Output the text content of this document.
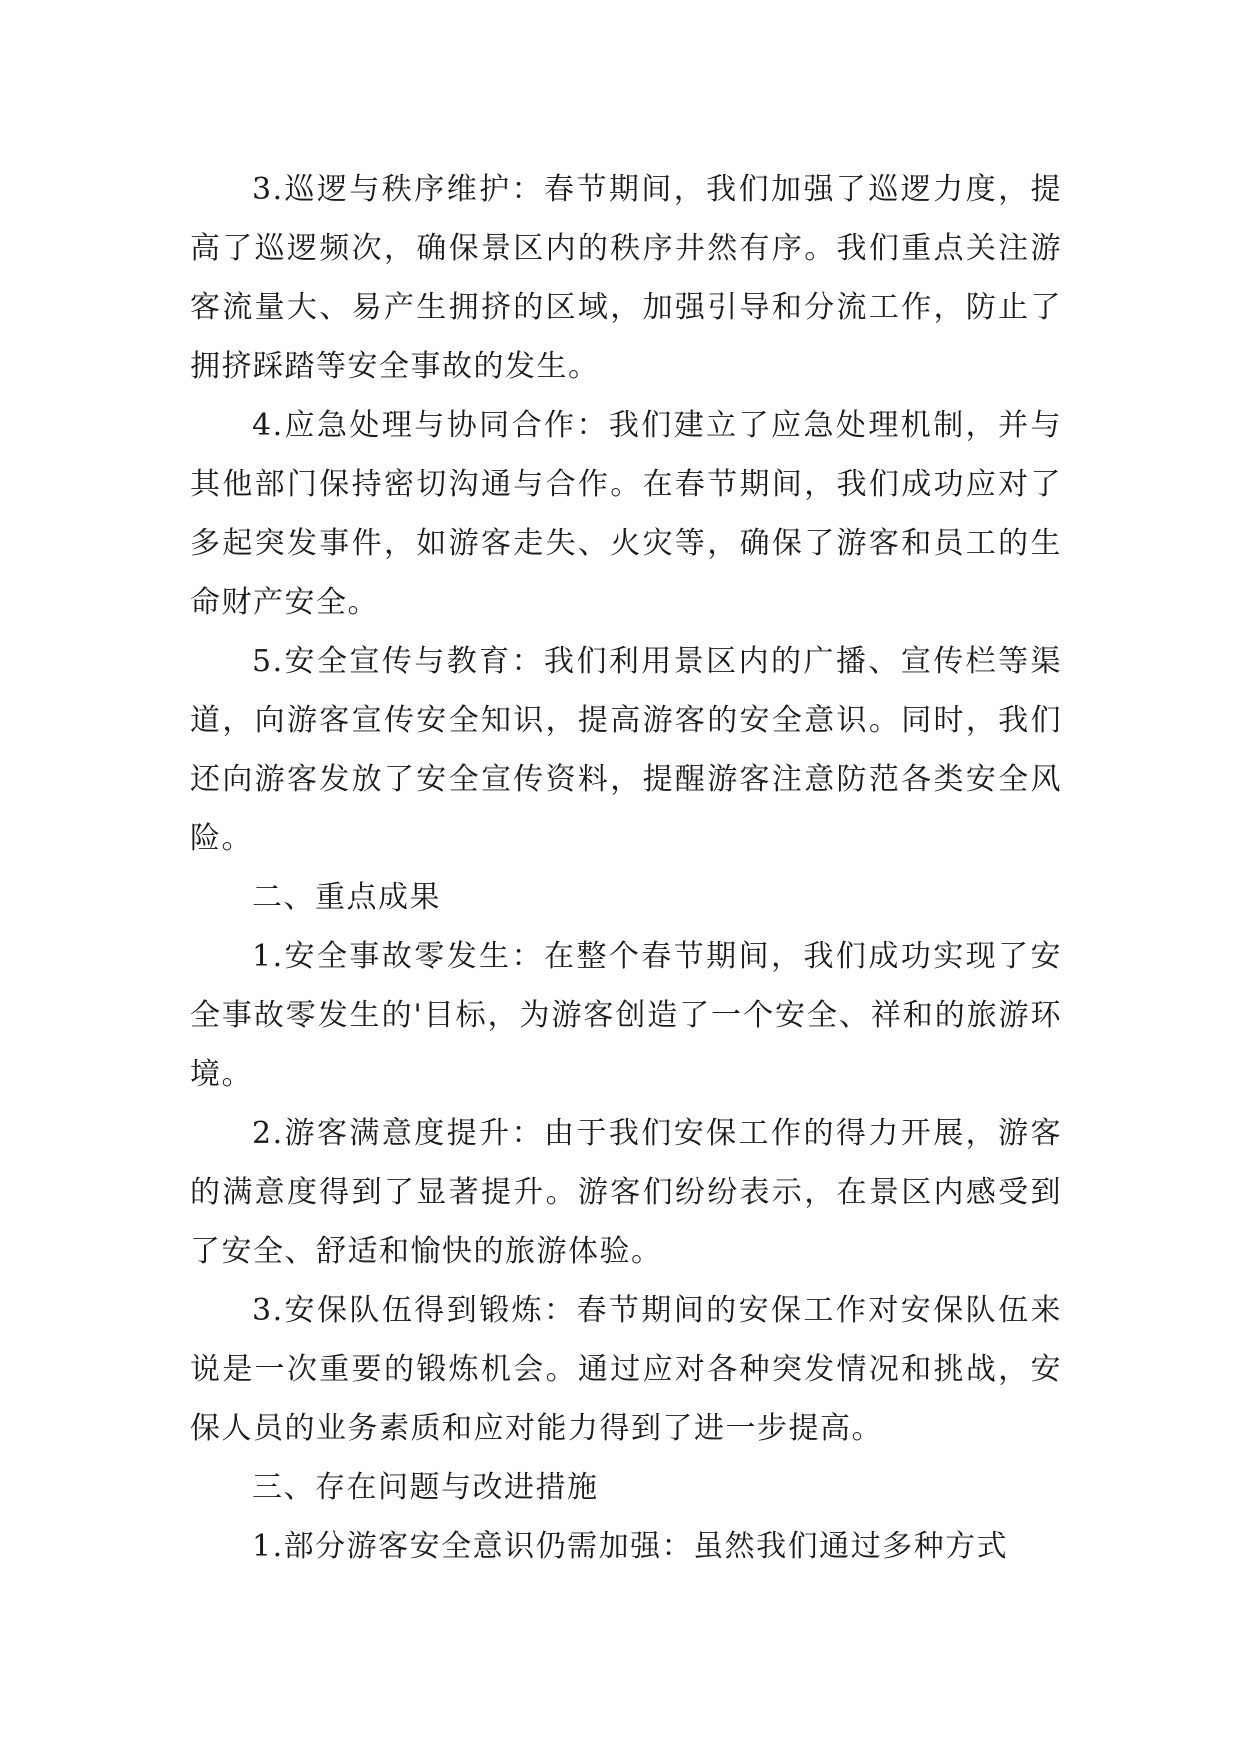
3.巡逻与秩序维护：春节期间，我们加强了巡逻力度，提高了巡逻频次，确保景区内的秩序井然有序。我们重点关注游客流量大、易产生拥挤的区域，加强引导和分流工作，防止了拥挤踩踏等安全事故的发生。

4.应急处理与协同合作：我们建立了应急处理机制，并与其他部门保持密切沟通与合作。在春节期间，我们成功应对了多起突发事件，如游客走失、火灾等，确保了游客和员工的生命财产安全。

5.安全宣传与教育：我们利用景区内的广播、宣传栏等渠道，向游客宣传安全知识，提高游客的安全意识。同时，我们还向游客发放了安全宣传资料，提醒游客注意防范各类安全风险。

二、重点成果

1.安全事故零发生：在整个春节期间，我们成功实现了安全事故零发生的'目标，为游客创造了一个安全、祥和的旅游环境。

2.游客满意度提升：由于我们安保工作的得力开展，游客的满意度得到了显著提升。游客们纷纷表示，在景区内感受到了安全、舒适和愉快的旅游体验。

3.安保队伍得到锻炼：春节期间的安保工作对安保队伍来说是一次重要的锻炼机会。通过应对各种突发情况和挑战，安保人员的业务素质和应对能力得到了进一步提高。

三、存在问题与改进措施

1.部分游客安全意识仍需加强：虽然我们通过多种方式
